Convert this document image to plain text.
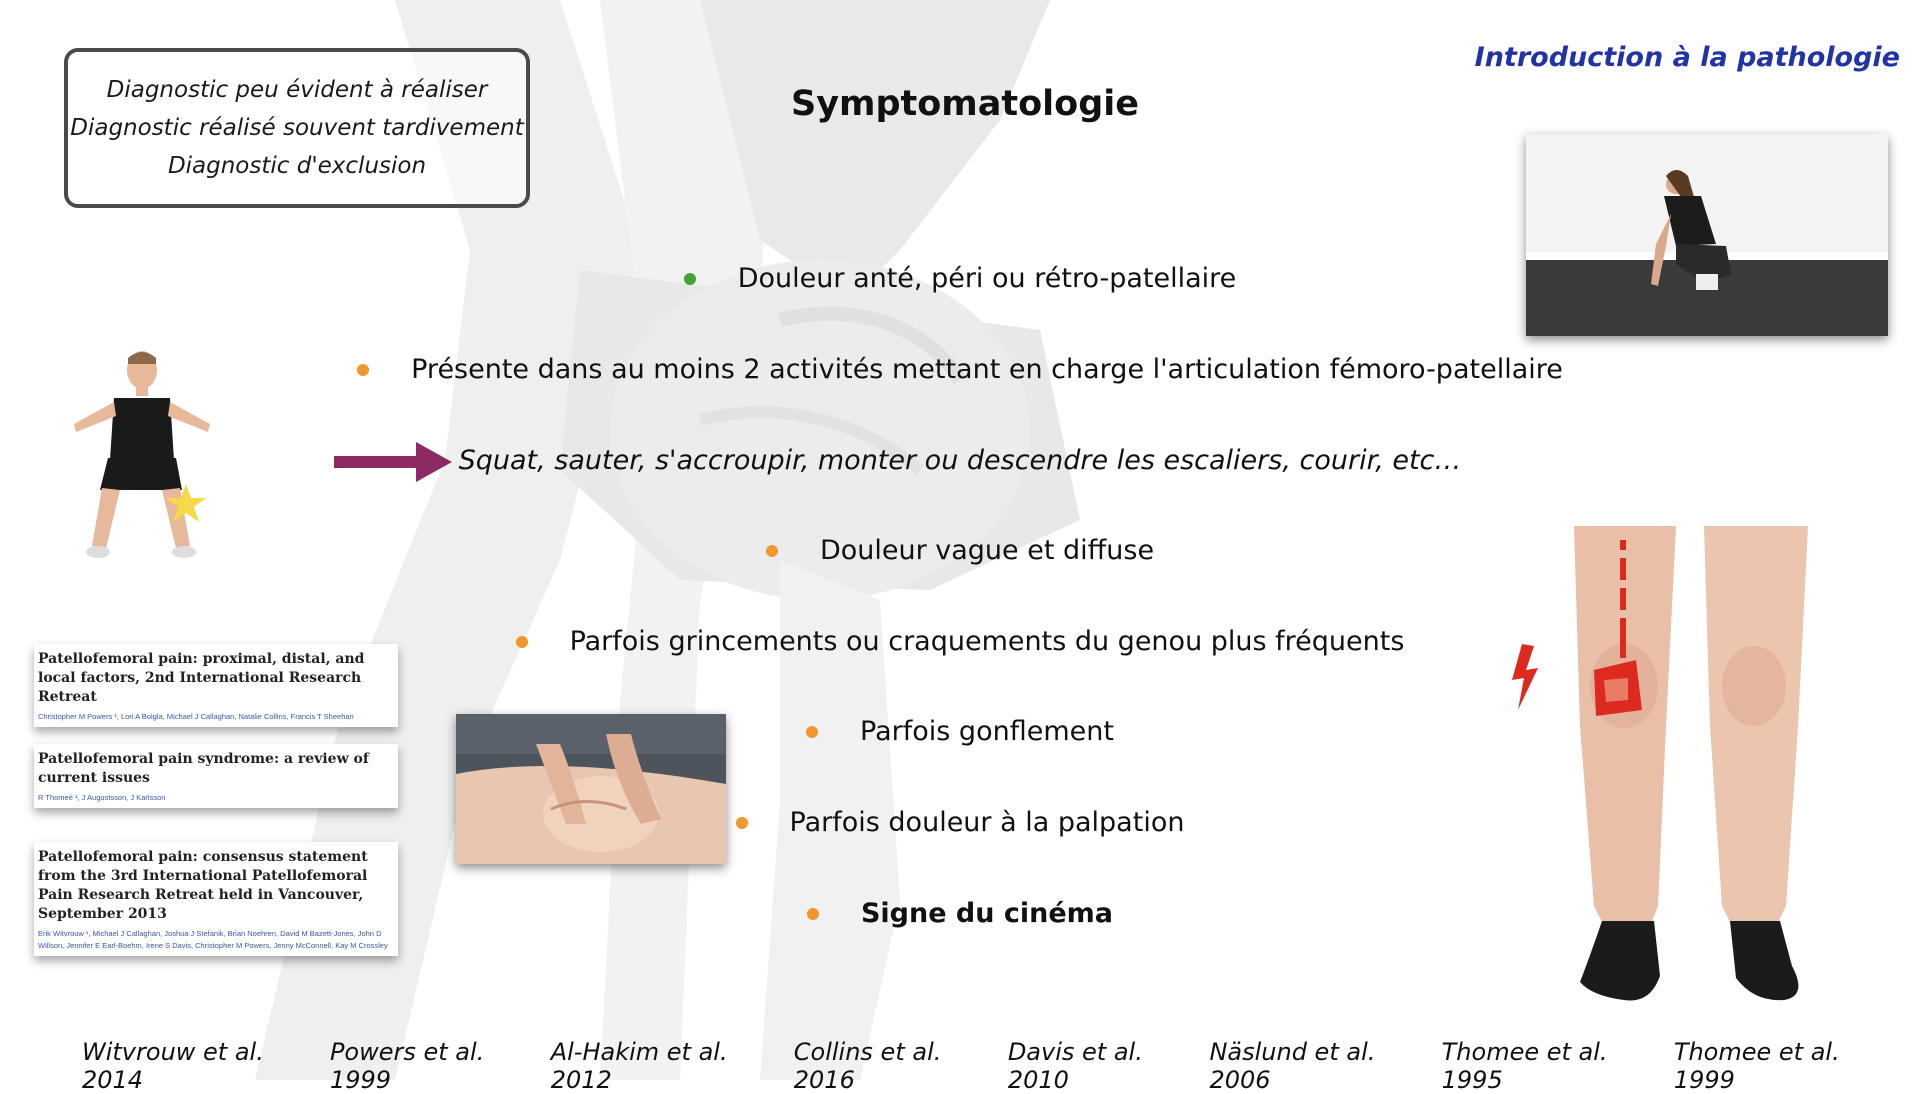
Diagnostic peu évident à réaliser
Diagnostic réalisé souvent tardivement
Diagnostic d'exclusion
Symptomatologie
Introduction à la pathologie
Douleur anté, péri ou rétro-patellaire
Présente dans au moins 2 activités mettant en charge l'articulation fémoro-patellaire
Squat, sauter, s'accroupir, monter ou descendre les escaliers, courir, etc…
Douleur vague et diffuse
Parfois grincements ou craquements du genou plus fréquents
Parfois gonflement
Parfois douleur à la palpation
Signe du cinéma
Patellofemoral pain: proximal, distal, and local factors, 2nd International Research Retreat
Christopher M Powers ¹, Lori A Bolgla, Michael J Callaghan, Natalie Collins, Francis T Sheehan
Patellofemoral pain syndrome: a review of current issues
R Thomeé ¹, J Augustsson, J Karlsson
Patellofemoral pain: consensus statement from the 3rd International Patellofemoral Pain Research Retreat held in Vancouver, September 2013
Erik Witvrouw ¹, Michael J Callaghan, Joshua J Stefanik, Brian Noehren, David M Bazett-Jones, John D Willson, Jennifer E Earl-Boehm, Irene S Davis, Christopher M Powers, Jenny McConnell, Kay M Crossley
Witvrouw et al. 2014
Powers et al. 1999
Al-Hakim et al. 2012
Collins et al. 2016
Davis et al. 2010
Näslund et al. 2006
Thomee et al. 1995
Thomee et al. 1999
